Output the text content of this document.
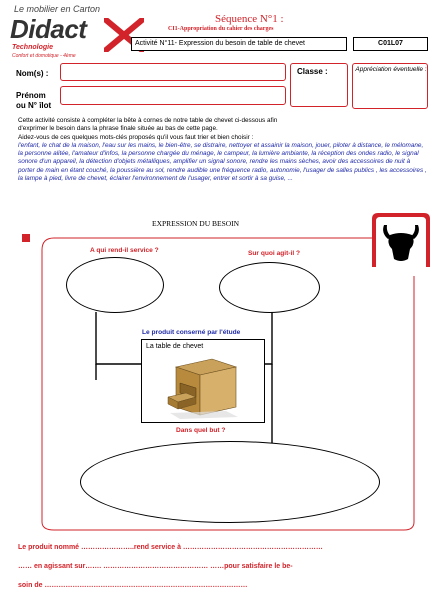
Le mobilier en Carton
Didact
Technologie
Confort et domotique - 4ème
Séquence N°1 :
CI1-Appropriation du cahier des charges
Activité N°11- Expression du besoin de table de chevet	C01L07
Nom(s) :	Classe :	Appréciation éventuelle :
Prénom
ou N° îlot
Cette activité consiste à compléter la bête à cornes de notre table de chevet ci-dessous afin
d'exprimer le besoin dans la phrase finale située au bas de cette page.
Aidez-vous de ces quelques mots-clés proposés qu'il vous faut trier et bien choisir :
l'enfant, le chat de la maison, l'eau sur les mains, le bien-être, se distraire, nettoyer et assainir la maison, jouer, piloter à distance, le mélomane, la personne alitée, l'amateur d'infos, la personne chargée du ménage, le campeur, la lumière ambiante, la réception des ondes radio, le signal sonore d'un appareil, la détection d'objets métalliques, amplifier un signal sonore, rendre les mains sèches, avoir des accessoires de nuit à porter de main en étant couché, la poussière au sol, rendre audible une fréquence radio, autonomie, l'usager de salles publics , les accessoires , la lampe à pied, livre de chevet, éclairer l'environnement de l'usager, entrer et sortir à sa guise, ...
EXPRESSION DU BESOIN
A qui rend-il service ?	Sur quoi agit-il ?
Le produit conserné par l'étude
La table de chevet
Dans quel but ?
Le produit nommé …………………..rend service à ……………………………………………………
…… en agissant sur……. ……………………………………… ……pour satisfaire le be-
soin de ……………………………………………………………………………
